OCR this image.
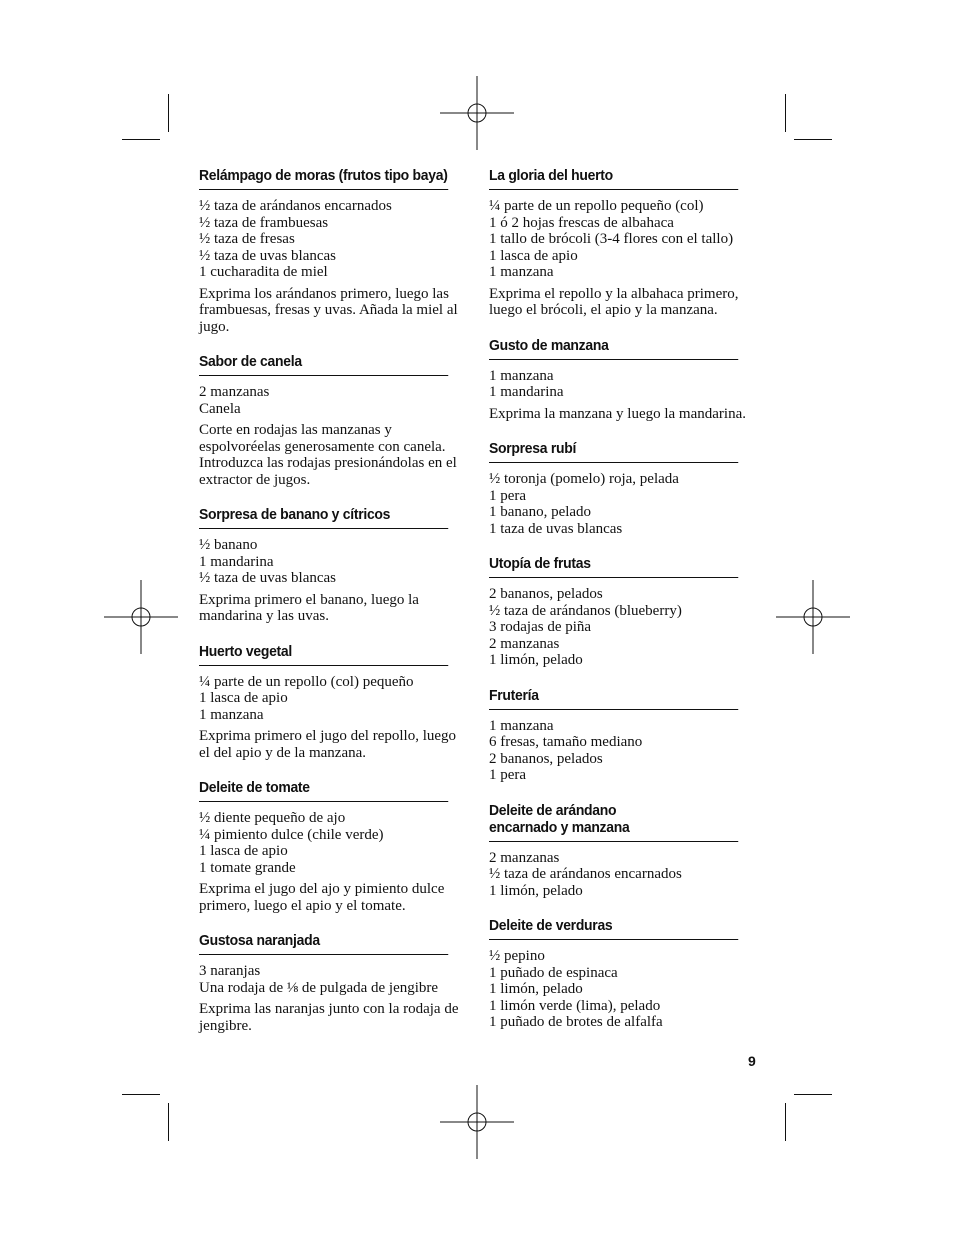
Relámpago de moras (frutos tipo baya)
½ taza de arándanos encarnados
½ taza de frambuesas
½ taza de fresas
½ taza de uvas blancas
1 cucharadita de miel

Exprima los arándanos primero, luego las frambuesas, fresas y uvas. Añada la miel al jugo.

Sabor de canela
2 manzanas
Canela

Corte en rodajas las manzanas y espolvoréelas generosamente con canela. Introduzca las rodajas presionándolas en el extractor de jugos.

Sorpresa de banano y cítricos
½ banano
1 mandarina
½ taza de uvas blancas

Exprima primero el banano, luego la mandarina y las uvas.

Huerto vegetal
¼ parte de un repollo (col) pequeño
1 lasca de apio
1 manzana

Exprima primero el jugo del repollo, luego el del apio y de la manzana.

Deleite de tomate
½ diente pequeño de ajo
¼ pimiento dulce (chile verde)
1 lasca de apio
1 tomate grande

Exprima el jugo del ajo y pimiento dulce primero, luego el apio y el tomate.

Gustosa naranjada
3 naranjas
Una rodaja de ⅛ de pulgada de jengibre

Exprima las naranjas junto con la rodaja de jengibre.

La gloria del huerto
¼ parte de un repollo pequeño (col)
1 ó 2 hojas frescas de albahaca
1 tallo de brócoli (3-4 flores con el tallo)
1 lasca de apio
1 manzana

Exprima el repollo y la albahaca primero, luego el brócoli, el apio y la manzana.

Gusto de manzana
1 manzana
1 mandarina

Exprima la manzana y luego la mandarina.

Sorpresa rubí
½ toronja (pomelo) roja, pelada
1 pera
1 banano, pelado
1 taza de uvas blancas
Utopía de frutas
2 bananos, pelados
½ taza de arándanos (blueberry)
3 rodajas de piña
2 manzanas
1 limón, pelado
Frutería
1 manzana
6 fresas, tamaño mediano
2 bananos, pelados
1 pera
Deleite de arándano
encarnado y manzana
2 manzanas
½ taza de arándanos encarnados
1 limón, pelado
Deleite de verduras
½ pepino
1 puñado de espinaca
1 limón, pelado
1 limón verde (lima), pelado
1 puñado de brotes de alfalfa
9
